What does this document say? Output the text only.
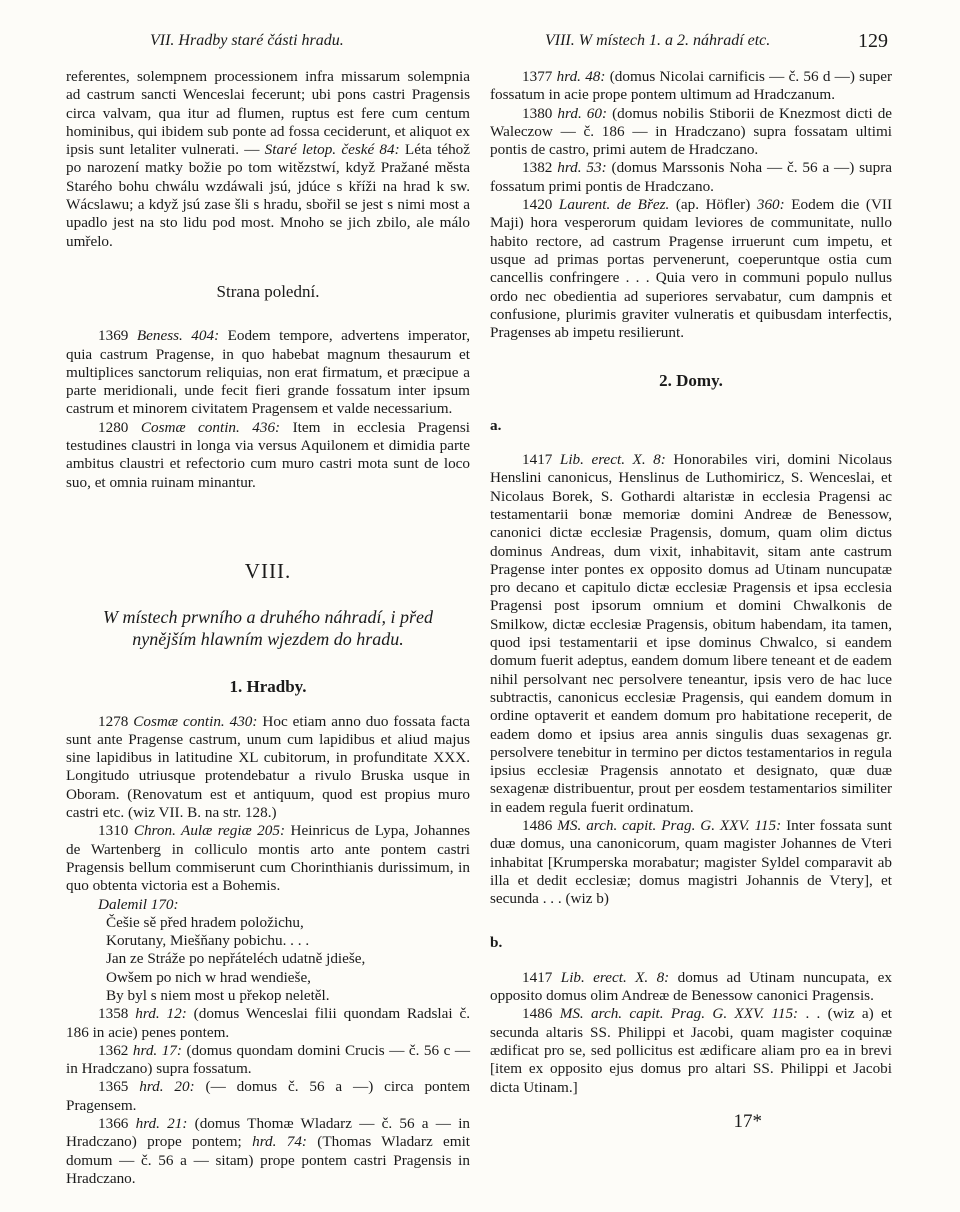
VII. Hradby staré části hradu.	VIII. W místech 1. a 2. náhradí etc.	129

referentes, solempnem processionem infra missarum solempnia ad castrum sancti Wenceslai fecerunt; ubi pons castri Pragensis circa valvam, qua itur ad flumen, ruptus est fere cum centum hominibus, qui ibidem sub ponte ad fossa ceciderunt, et aliquot ex ipsis sunt letaliter vulnerati. — Staré letop. české 84: Léta téhož po narození matky božie po tom witězstwí, když Pražané města Starého bohu chwálu wzdáwali jsú, jdúce s kříži na hrad k sw. Wácslawu; a když jsú zase šli s hradu, sbořil se jest s nimi most a upadlo jest na sto lidu pod most. Mnoho se jich zbilo, ale málo umřelo.

Strana polední.

1369 Beness. 404: Eodem tempore, advertens imperator, quia castrum Pragense, in quo habebat magnum thesaurum et multiplices sanctorum reliquias, non erat firmatum, et præcipue a parte meridionali, unde fecit fieri grande fossatum inter ipsum castrum et minorem civitatem Pragensem et valde necessarium.

1280 Cosmæ contin. 436: Item in ecclesia Pragensi testudines claustri in longa via versus Aquilonem et dimidia parte ambitus claustri et refectorio cum muro castri mota sunt de loco suo, et omnia ruinam minantur.

VIII.

W místech prwního a druhého náhradí, i před nynějším hlawním wjezdem do hradu.

1. Hradby.

1278 Cosmæ contin. 430: Hoc etiam anno duo fossata facta sunt ante Pragense castrum, unum cum lapidibus et aliud majus sine lapidibus in latitudine XL cubitorum, in profunditate XXX. Longitudo utriusque protendebatur a rivulo Bruska usque in Oboram. (Renovatum est et antiquum, quod est propius muro castri etc. (wiz VII. B. na str. 128.)

1310 Chron. Aulæ regiæ 205: Heinricus de Lypa, Johannes de Wartenberg in colliculo montis arto ante pontem castri Pragensis bellum commiserunt cum Chorinthianis durissimum, in quo obtenta victoria est a Bohemis.

Dalemil 170:

Češie sě před hradem položichu,
Korutany, Miešňany pobichu. . . .
Jan ze Stráže po nepřáteléch udatně jdieše,
Owšem po nich w hrad wendieše,
By byl s niem most u překop neletěl.

1358 hrd. 12: (domus Wenceslai filii quondam Radslai č. 186 in acie) penes pontem.

1362 hrd. 17: (domus quondam domini Crucis — č. 56 c — in Hradczano) supra fossatum.

1365 hrd. 20: (— domus č. 56 a —) circa pontem Pragensem.

1366 hrd. 21: (domus Thomæ Wladarz — č. 56 a — in Hradczano) prope pontem; hrd. 74: (Thomas Wladarz emit domum — č. 56 a — sitam) prope pontem castri Pragensis in Hradczano.

1377 hrd. 48: (domus Nicolai carnificis — č. 56 d —) super fossatum in acie prope pontem ultimum ad Hradczanum.

1380 hrd. 60: (domus nobilis Stiborii de Knezmost dicti de Waleczow — č. 186 — in Hradczano) supra fossatam ultimi pontis de castro, primi autem de Hradczano.

1382 hrd. 53: (domus Marssonis Noha — č. 56 a —) supra fossatum primi pontis de Hradczano.

1420 Laurent. de Břez. (ap. Höfler) 360: Eodem die (VII Maji) hora vesperorum quidam leviores de communitate, nullo habito rectore, ad castrum Pragense irruerunt cum impetu, et usque ad primas portas pervenerunt, coeperuntque ostia cum cancellis confringere . . . Quia vero in communi populo nullus ordo nec obedientia ad superiores servabatur, cum dampnis et confusione, plurimis graviter vulneratis et quibusdam interfectis, Pragenses ab impetu resilierunt.

2. Domy.

a.

1417 Lib. erect. X. 8: Honorabiles viri, domini Nicolaus Henslini canonicus, Henslinus de Luthomiricz, S. Wenceslai, et Nicolaus Borek, S. Gothardi altaristæ in ecclesia Pragensi ac testamentarii bonæ memoriæ domini Andreæ de Benessow, canonici dictæ ecclesiæ Pragensis, domum, quam olim dictus dominus Andreas, dum vixit, inhabitavit, sitam ante castrum Pragense inter pontes ex opposito domus ad Utinam nuncupatæ pro decano et capitulo dictæ ecclesiæ Pragensis et ipsa ecclesia Pragensi post ipsorum omnium et domini Chwalkonis de Smilkow, dictæ ecclesiæ Pragensis, obitum habendam, ita tamen, quod ipsi testamentarii et ipse dominus Chwalco, si eandem domum fuerit adeptus, eandem domum libere teneant et de eadem nihil persolvant nec persolvere teneantur, ipsis vero de hac luce subtractis, canonicus ecclesiæ Pragensis, qui eandem domum in ordine optaverit et eandem domum pro habitatione receperit, de eadem domo et ipsius area annis singulis duas sexagenas gr. persolvere tenebitur in termino per dictos testamentarios in regula ipsius ecclesiæ Pragensis annotato et designato, quæ duæ sexagenæ distribuentur, prout per eosdem testamentarios similiter in eadem regula fuerit ordinatum.

1486 MS. arch. capit. Prag. G. XXV. 115: Inter fossata sunt duæ domus, una canonicorum, quam magister Johannes de Vteri inhabitat [Krumperska morabatur; magister Syldel comparavit ab illa et dedit ecclesiæ; domus magistri Johannis de Vtery], et secunda . . . (wiz b)

b.

1417 Lib. erect. X. 8: domus ad Utinam nuncupata, ex opposito domus olim Andreæ de Benessow canonici Pragensis.

1486 MS. arch. capit. Prag. G. XXV. 115: . . (wiz a) et secunda altaris SS. Philippi et Jacobi, quam magister coquinæ ædificat pro se, sed pollicitus est ædificare aliam pro ea in brevi [item ex opposito ejus domus pro altari SS. Philippi et Jacobi dicta Utinam.]

17*
